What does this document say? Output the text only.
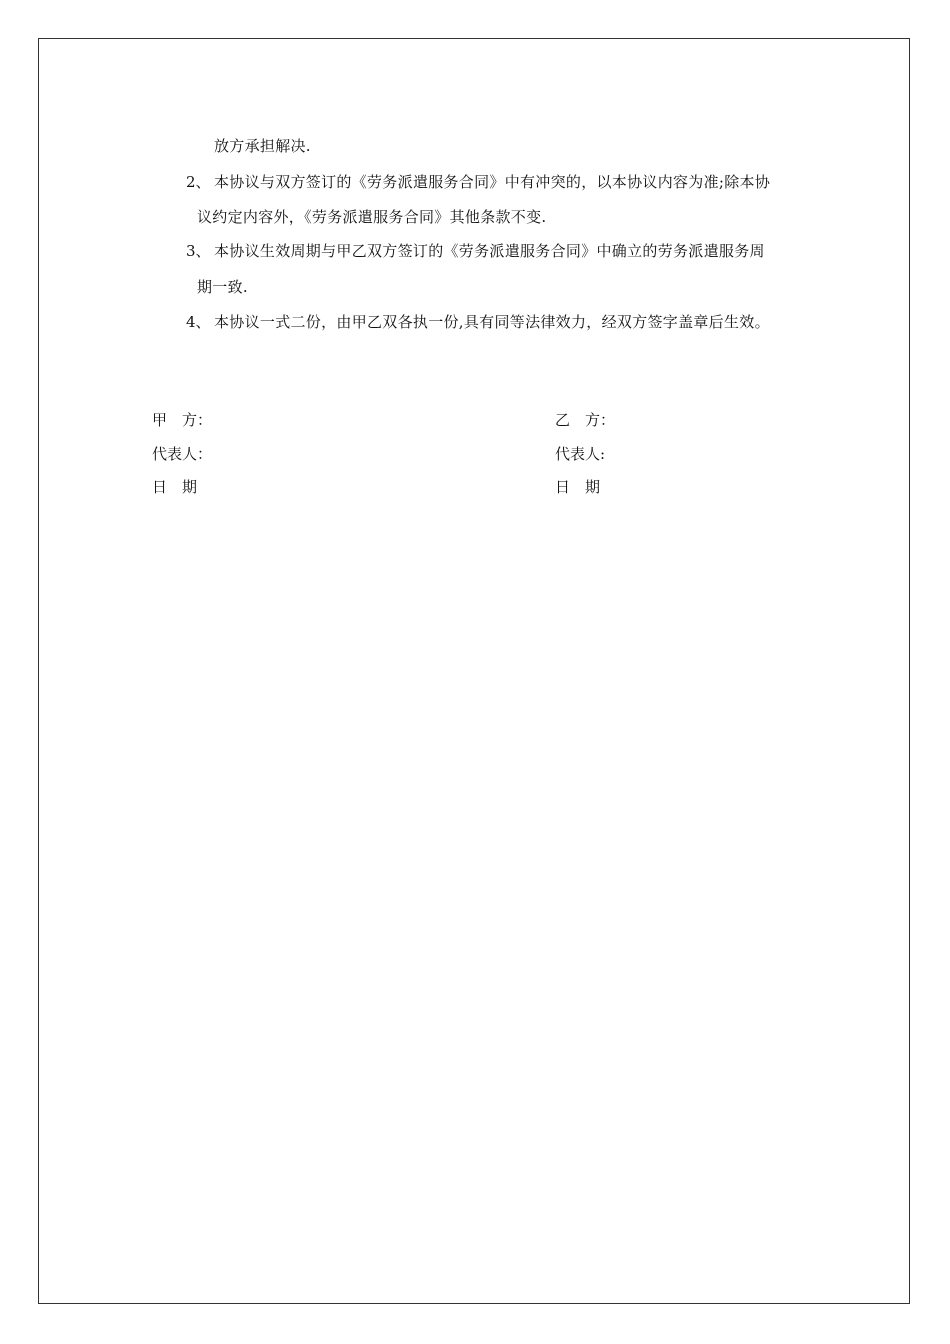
放方承担解决.
2、 本协议与双方签订的《劳务派遣服务合同》中有冲突的，以本协议内容为准;除本协
议约定内容外，《劳务派遣服务合同》其他条款不变.
3、 本协议生效周期与甲乙双方签订的《劳务派遣服务合同》中确立的劳务派遣服务周
期一致.
4、 本协议一式二份，由甲乙双各执一份,具有同等法律效力，经双方签字盖章后生效。
甲　方：
代表人：
日　期
乙　方：
代表人:
日　期
